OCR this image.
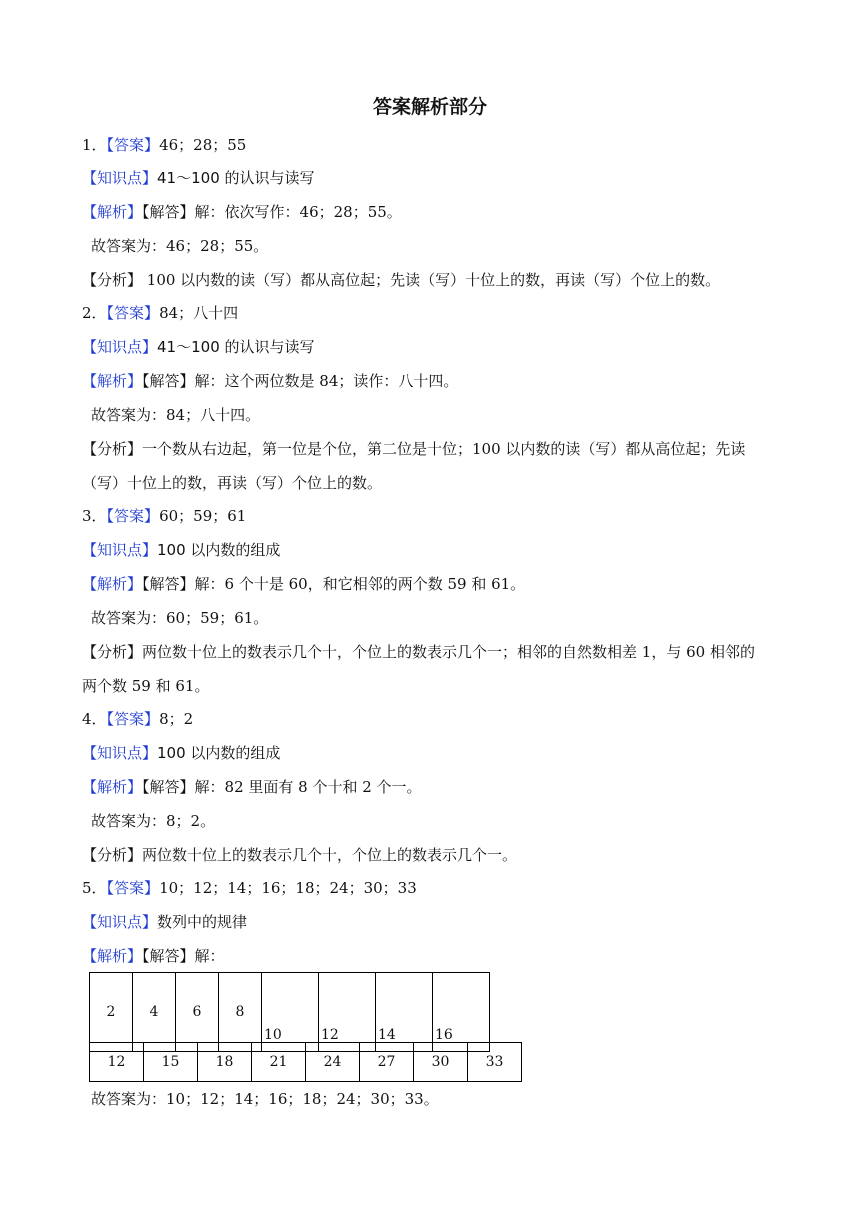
答案解析部分
1．【答案】46；28；55
【知识点】41～100 的认识与读写
【解析】【解答】解：依次写作：46；28；55。
故答案为：46；28；55。
【分析】 100 以内数的读（写）都从高位起；先读（写）十位上的数，再读（写）个位上的数。
2．【答案】84；八十四
【知识点】41～100 的认识与读写
【解析】【解答】解：这个两位数是 84；读作：八十四。
故答案为：84；八十四。
【分析】一个数从右边起，第一位是个位，第二位是十位；100 以内数的读（写）都从高位起；先读
（写）十位上的数，再读（写）个位上的数。
3．【答案】60；59；61
【知识点】100 以内数的组成
【解析】【解答】解：6 个十是 60，和它相邻的两个数 59 和 61。
故答案为：60；59；61。
【分析】两位数十位上的数表示几个十，个位上的数表示几个一；相邻的自然数相差 1，与 60 相邻的
两个数 59 和 61。
4．【答案】8；2
【知识点】100 以内数的组成
【解析】【解答】解：82 里面有 8 个十和 2 个一。
故答案为：8；2。
【分析】两位数十位上的数表示几个十，个位上的数表示几个一。
5．【答案】10；12；14；16；18；24；30；33
【知识点】数列中的规律
【解析】【解答】解：
2	4	6	8	10	12	14	16
12	15	18	21	24	27	30	33
故答案为：10；12；14；16；18；24；30；33。
